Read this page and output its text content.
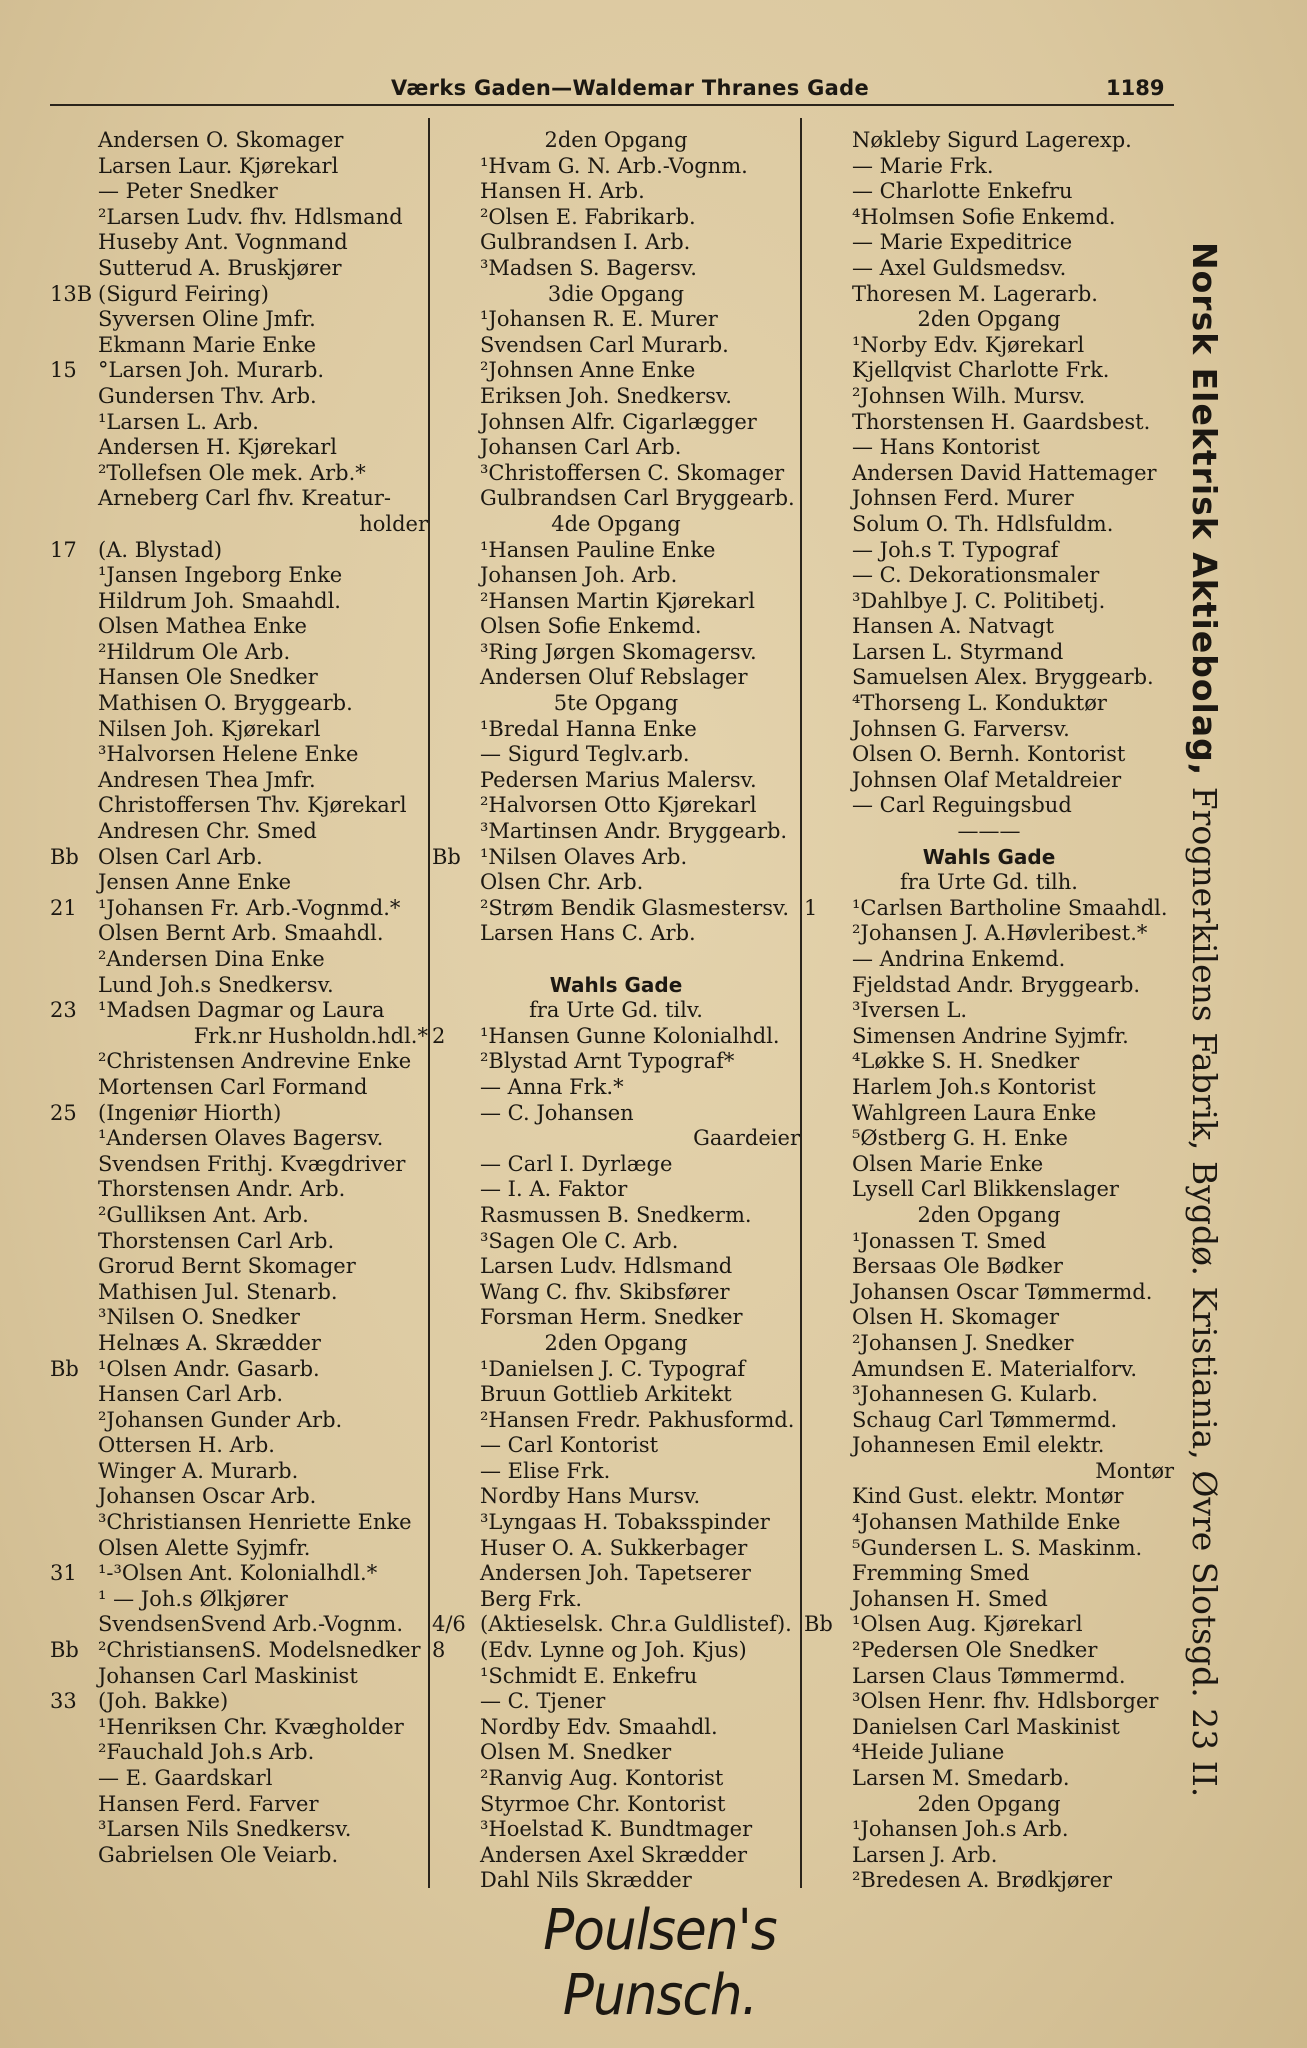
Værks Gaden—Waldemar Thranes Gade	1189
Andersen O. Skomager
Larsen Laur. Kjørekarl
— Peter Snedker
²Larsen Ludv. fhv. Hdlsmand
Huseby Ant. Vognmand
Sutterud A. Bruskjører
13B (Sigurd Feiring)
Syversen Oline Jmfr.
Ekmann Marie Enke
15 °Larsen Joh. Murarb.
Gundersen Thv. Arb.
¹Larsen L. Arb.
Andersen H. Kjørekarl
²Tollefsen Ole mek. Arb.*
Arneberg Carl fhv. Kreatur-
holder
17 (A. Blystad)
¹Jansen Ingeborg Enke
Hildrum Joh. Smaahdl.
Olsen Mathea Enke
²Hildrum Ole Arb.
Hansen Ole Snedker
Mathisen O. Bryggearb.
Nilsen Joh. Kjørekarl
³Halvorsen Helene Enke
Andresen Thea Jmfr.
Christoffersen Thv. Kjørekarl
Andresen Chr. Smed
Bb Olsen Carl Arb.
Jensen Anne Enke
21 ¹Johansen Fr. Arb.-Vognmd.*
Olsen Bernt Arb. Smaahdl.
²Andersen Dina Enke
Lund Joh.s Snedkersv.
23 ¹Madsen Dagmar og Laura
Frk.nr Husholdn.hdl.*
²Christensen Andrevine Enke
Mortensen Carl Formand
25 (Ingeniør Hiorth)
¹Andersen Olaves Bagersv.
Svendsen Frithj. Kvægdriver
Thorstensen Andr. Arb.
²Gulliksen Ant. Arb.
Thorstensen Carl Arb.
Grorud Bernt Skomager
Mathisen Jul. Stenarb.
³Nilsen O. Snedker
Helnæs A. Skrædder
Bb ¹Olsen Andr. Gasarb.
Hansen Carl Arb.
²Johansen Gunder Arb.
Ottersen H. Arb.
Winger A. Murarb.
Johansen Oscar Arb.
³Christiansen Henriette Enke
Olsen Alette Syjmfr.
31 ¹-³Olsen Ant. Kolonialhdl.*
¹ — Joh.s Ølkjører
SvendsenSvend Arb.-Vognm.
Bb ²ChristiansenS. Modelsnedker
Johansen Carl Maskinist
33 (Joh. Bakke)
¹Henriksen Chr. Kvægholder
²Fauchald Joh.s Arb.
— E. Gaardskarl
Hansen Ferd. Farver
³Larsen Nils Snedkersv.
Gabrielsen Ole Veiarb.
2den Opgang
¹Hvam G. N. Arb.-Vognm.
Hansen H. Arb.
²Olsen E. Fabrikarb.
Gulbrandsen I. Arb.
³Madsen S. Bagersv.
3die Opgang
¹Johansen R. E. Murer
Svendsen Carl Murarb.
²Johnsen Anne Enke
Eriksen Joh. Snedkersv.
Johnsen Alfr. Cigarlægger
Johansen Carl Arb.
³Christoffersen C. Skomager
Gulbrandsen Carl Bryggearb.
4de Opgang
¹Hansen Pauline Enke
Johansen Joh. Arb.
²Hansen Martin Kjørekarl
Olsen Sofie Enkemd.
³Ring Jørgen Skomagersv.
Andersen Oluf Rebslager
5te Opgang
¹Bredal Hanna Enke
— Sigurd Teglv.arb.
Pedersen Marius Malersv.
²Halvorsen Otto Kjørekarl
³Martinsen Andr. Bryggearb.
Bb ¹Nilsen Olaves Arb.
Olsen Chr. Arb.
²Strøm Bendik Glasmestersv.
Larsen Hans C. Arb.
Wahls Gade
fra Urte Gd. tilv.
2 ¹Hansen Gunne Kolonialhdl.
²Blystad Arnt Typograf*
— Anna Frk.*
— C. Johansen
Gaardeier
— Carl I. Dyrlæge
— I. A. Faktor
Rasmussen B. Snedkerm.
³Sagen Ole C. Arb.
Larsen Ludv. Hdlsmand
Wang C. fhv. Skibsfører
Forsman Herm. Snedker
2den Opgang
¹Danielsen J. C. Typograf
Bruun Gottlieb Arkitekt
²Hansen Fredr. Pakhusformd.
— Carl Kontorist
— Elise Frk.
Nordby Hans Mursv.
³Lyngaas H. Tobaksspinder
Huser O. A. Sukkerbager
Andersen Joh. Tapetserer
Berg Frk.
4/6 (Aktieselsk. Chr.a Guldlistef).
8 (Edv. Lynne og Joh. Kjus)
¹Schmidt E. Enkefru
— C. Tjener
Nordby Edv. Smaahdl.
Olsen M. Snedker
²Ranvig Aug. Kontorist
Styrmoe Chr. Kontorist
³Hoelstad K. Bundtmager
Andersen Axel Skrædder
Dahl Nils Skrædder
Nøkleby Sigurd Lagerexp.
— Marie Frk.
— Charlotte Enkefru
⁴Holmsen Sofie Enkemd.
— Marie Expeditrice
— Axel Guldsmedsv.
Thoresen M. Lagerarb.
2den Opgang
¹Norby Edv. Kjørekarl
Kjellqvist Charlotte Frk.
²Johnsen Wilh. Mursv.
Thorstensen H. Gaardsbest.
— Hans Kontorist
Andersen David Hattemager
Johnsen Ferd. Murer
Solum O. Th. Hdlsfuldm.
— Joh.s T. Typograf
— C. Dekorationsmaler
³Dahlbye J. C. Politibetj.
Hansen A. Natvagt
Larsen L. Styrmand
Samuelsen Alex. Bryggearb.
⁴Thorseng L. Konduktør
Johnsen G. Farversv.
Olsen O. Bernh. Kontorist
Johnsen Olaf Metaldreier
— Carl Reguingsbud
———
Wahls Gade
fra Urte Gd. tilh.
1 ¹Carlsen Bartholine Smaahdl.
²Johansen J. A.Høvleribest.*
— Andrina Enkemd.
Fjeldstad Andr. Bryggearb.
³Iversen L.
Simensen Andrine Syjmfr.
⁴Løkke S. H. Snedker
Harlem Joh.s Kontorist
Wahlgreen Laura Enke
⁵Østberg G. H. Enke
Olsen Marie Enke
Lysell Carl Blikkenslager
2den Opgang
¹Jonassen T. Smed
Bersaas Ole Bødker
Johansen Oscar Tømmermd.
Olsen H. Skomager
²Johansen J. Snedker
Amundsen E. Materialforv.
³Johannesen G. Kularb.
Schaug Carl Tømmermd.
Johannesen Emil elektr.
Montør
Kind Gust. elektr. Montør
⁴Johansen Mathilde Enke
⁵Gundersen L. S. Maskinm.
Fremming Smed
Johansen H. Smed
Bb ¹Olsen Aug. Kjørekarl
²Pedersen Ole Snedker
Larsen Claus Tømmermd.
³Olsen Henr. fhv. Hdlsborger
Danielsen Carl Maskinist
⁴Heide Juliane
Larsen M. Smedarb.
2den Opgang
¹Johansen Joh.s Arb.
Larsen J. Arb.
²Bredesen A. Brødkjører
Norsk Elektrisk Aktiebolag, Frognerkilens Fabrik, Bygdø. Kristiania, Øvre Slotsgd. 23 II.
Poulsen's Punsch.
